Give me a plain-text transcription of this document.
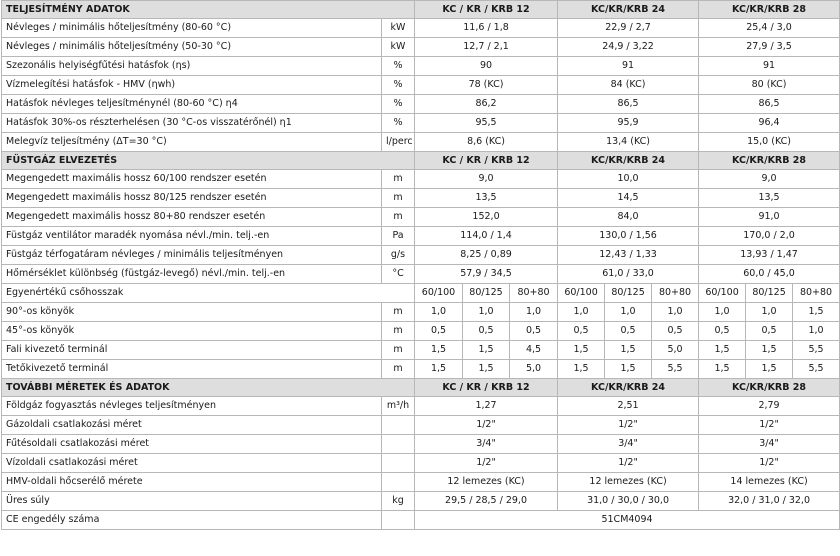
TELJESÍTMÉNY ADATOK		KC / KR / KRB 12			KC/KR/KRB 24			KC/KR/KRB 28		
Névleges / minimális hőteljesítmény (80-60 °C)	kW	11,6 / 1,8			22,9 / 2,7			25,4 / 3,0		
Névleges / minimális hőteljesítmény (50-30 °C)	kW	12,7 / 2,1			24,9 / 3,22			27,9 / 3,5		
Szezonális helyiségfűtési hatásfok (ηs)	%	90			91			91		
Vízmelegítési hatásfok - HMV (ηwh)	%	78 (KC)			84 (KC)			80 (KC)		
Hatásfok névleges teljesítménynél (80-60 °C) η4	%	86,2			86,5			86,5		
Hatásfok 30%-os részterhelésen (30 °C-os visszatérőnél) η1	%	95,5			95,9			96,4		
Melegvíz teljesítmény (ΔT=30 °C)	l/perc	8,6 (KC)			13,4 (KC)			15,0 (KC)		
FÜSTGÁZ ELVEZETÉS		KC / KR / KRB 12			KC/KR/KRB 24			KC/KR/KRB 28		
Megengedett maximális hossz 60/100 rendszer esetén	m	9,0			10,0			9,0		
Megengedett maximális hossz 80/125 rendszer esetén	m	13,5			14,5			13,5		
Megengedett maximális hossz 80+80 rendszer esetén	m	152,0			84,0			91,0		
Füstgáz ventilátor maradék nyomása névl./min. telj.-en	Pa	114,0 / 1,4			130,0 / 1,56			170,0 / 2,0		
Füstgáz térfogatáram névleges / minimális teljesítményen	g/s	8,25 / 0,89			12,43 / 1,33			13,93 / 1,47		
Hőmérséklet különbség (füstgáz-levegő) névl./min. telj.-en	°C	57,9 / 34,5			61,0 / 33,0			60,0 / 45,0		
Egyenértékű csőhosszak		60/100	80/125	80+80	60/100	80/125	80+80	60/100	80/125	80+80
90°-os könyök	m	1,0	1,0	1,0	1,0	1,0	1,0	1,0	1,0	1,5
45°-os könyök	m	0,5	0,5	0,5	0,5	0,5	0,5	0,5	0,5	1,0
Fali kivezető terminál	m	1,5	1,5	4,5	1,5	1,5	5,0	1,5	1,5	5,5
Tetőkivezető terminál	m	1,5	1,5	5,0	1,5	1,5	5,5	1,5	1,5	5,5
TOVÁBBI MÉRETEK ÉS ADATOK		KC / KR / KRB 12			KC/KR/KRB 24			KC/KR/KRB 28		
Földgáz fogyasztás névleges teljesítményen	m³/h	1,27			2,51			2,79		
Gázoldali csatlakozási méret		1/2"			1/2"			1/2"		
Fűtésoldali csatlakozási méret		3/4"			3/4"			3/4"		
Vízoldali csatlakozási méret		1/2"			1/2"			1/2"		
HMV-oldali hőcserélő mérete		12 lemezes (KC)			12 lemezes (KC)			14 lemezes (KC)		
Üres súly	kg	29,5 / 28,5 / 29,0			31,0 / 30,0 / 30,0			32,0 / 31,0 / 32,0		
CE engedély száma		51CM4094								
